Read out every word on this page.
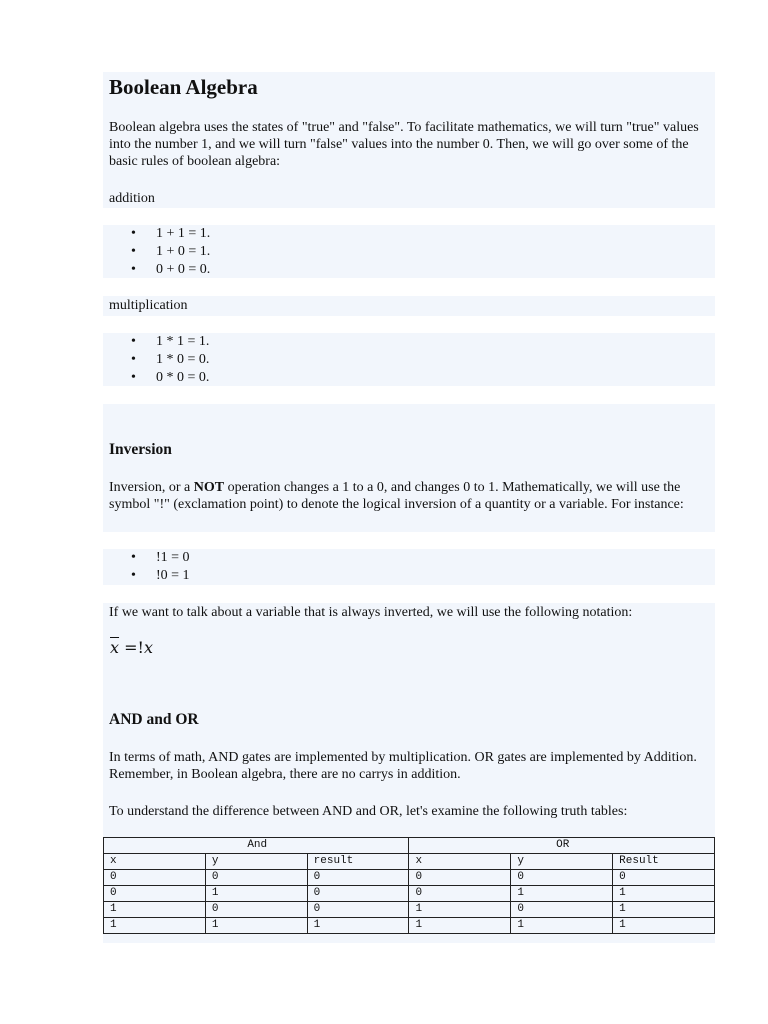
Boolean Algebra

Boolean algebra uses the states of "true" and "false". To facilitate mathematics, we will turn "true" values into the number 1, and we will turn "false" values into the number 0. Then, we will go over some of the basic rules of boolean algebra:

addition

• 1 + 1 = 1.
• 1 + 0 = 1.
• 0 + 0 = 0.

multiplication

• 1 * 1 = 1.
• 1 * 0 = 0.
• 0 * 0 = 0.
Inversion

Inversion, or a NOT operation changes a 1 to a 0, and changes 0 to 1. Mathematically, we will use the symbol "!" (exclamation point) to denote the logical inversion of a quantity or a variable. For instance:

• !1 = 0
• !0 = 1

If we want to talk about a variable that is always inverted, we will use the following notation:

$\overline{x} =!x$
AND and OR

In terms of math, AND gates are implemented by multiplication. OR gates are implemented by Addition. Remember, in Boolean algebra, there are no carrys in addition.

To understand the difference between AND and OR, let's examine the following truth tables:

And			OR		
x	y	result	x	y	Result
0	0	0	0	0	0
0	1	0	0	1	1
1	0	0	1	0	1
1	1	1	1	1	1
